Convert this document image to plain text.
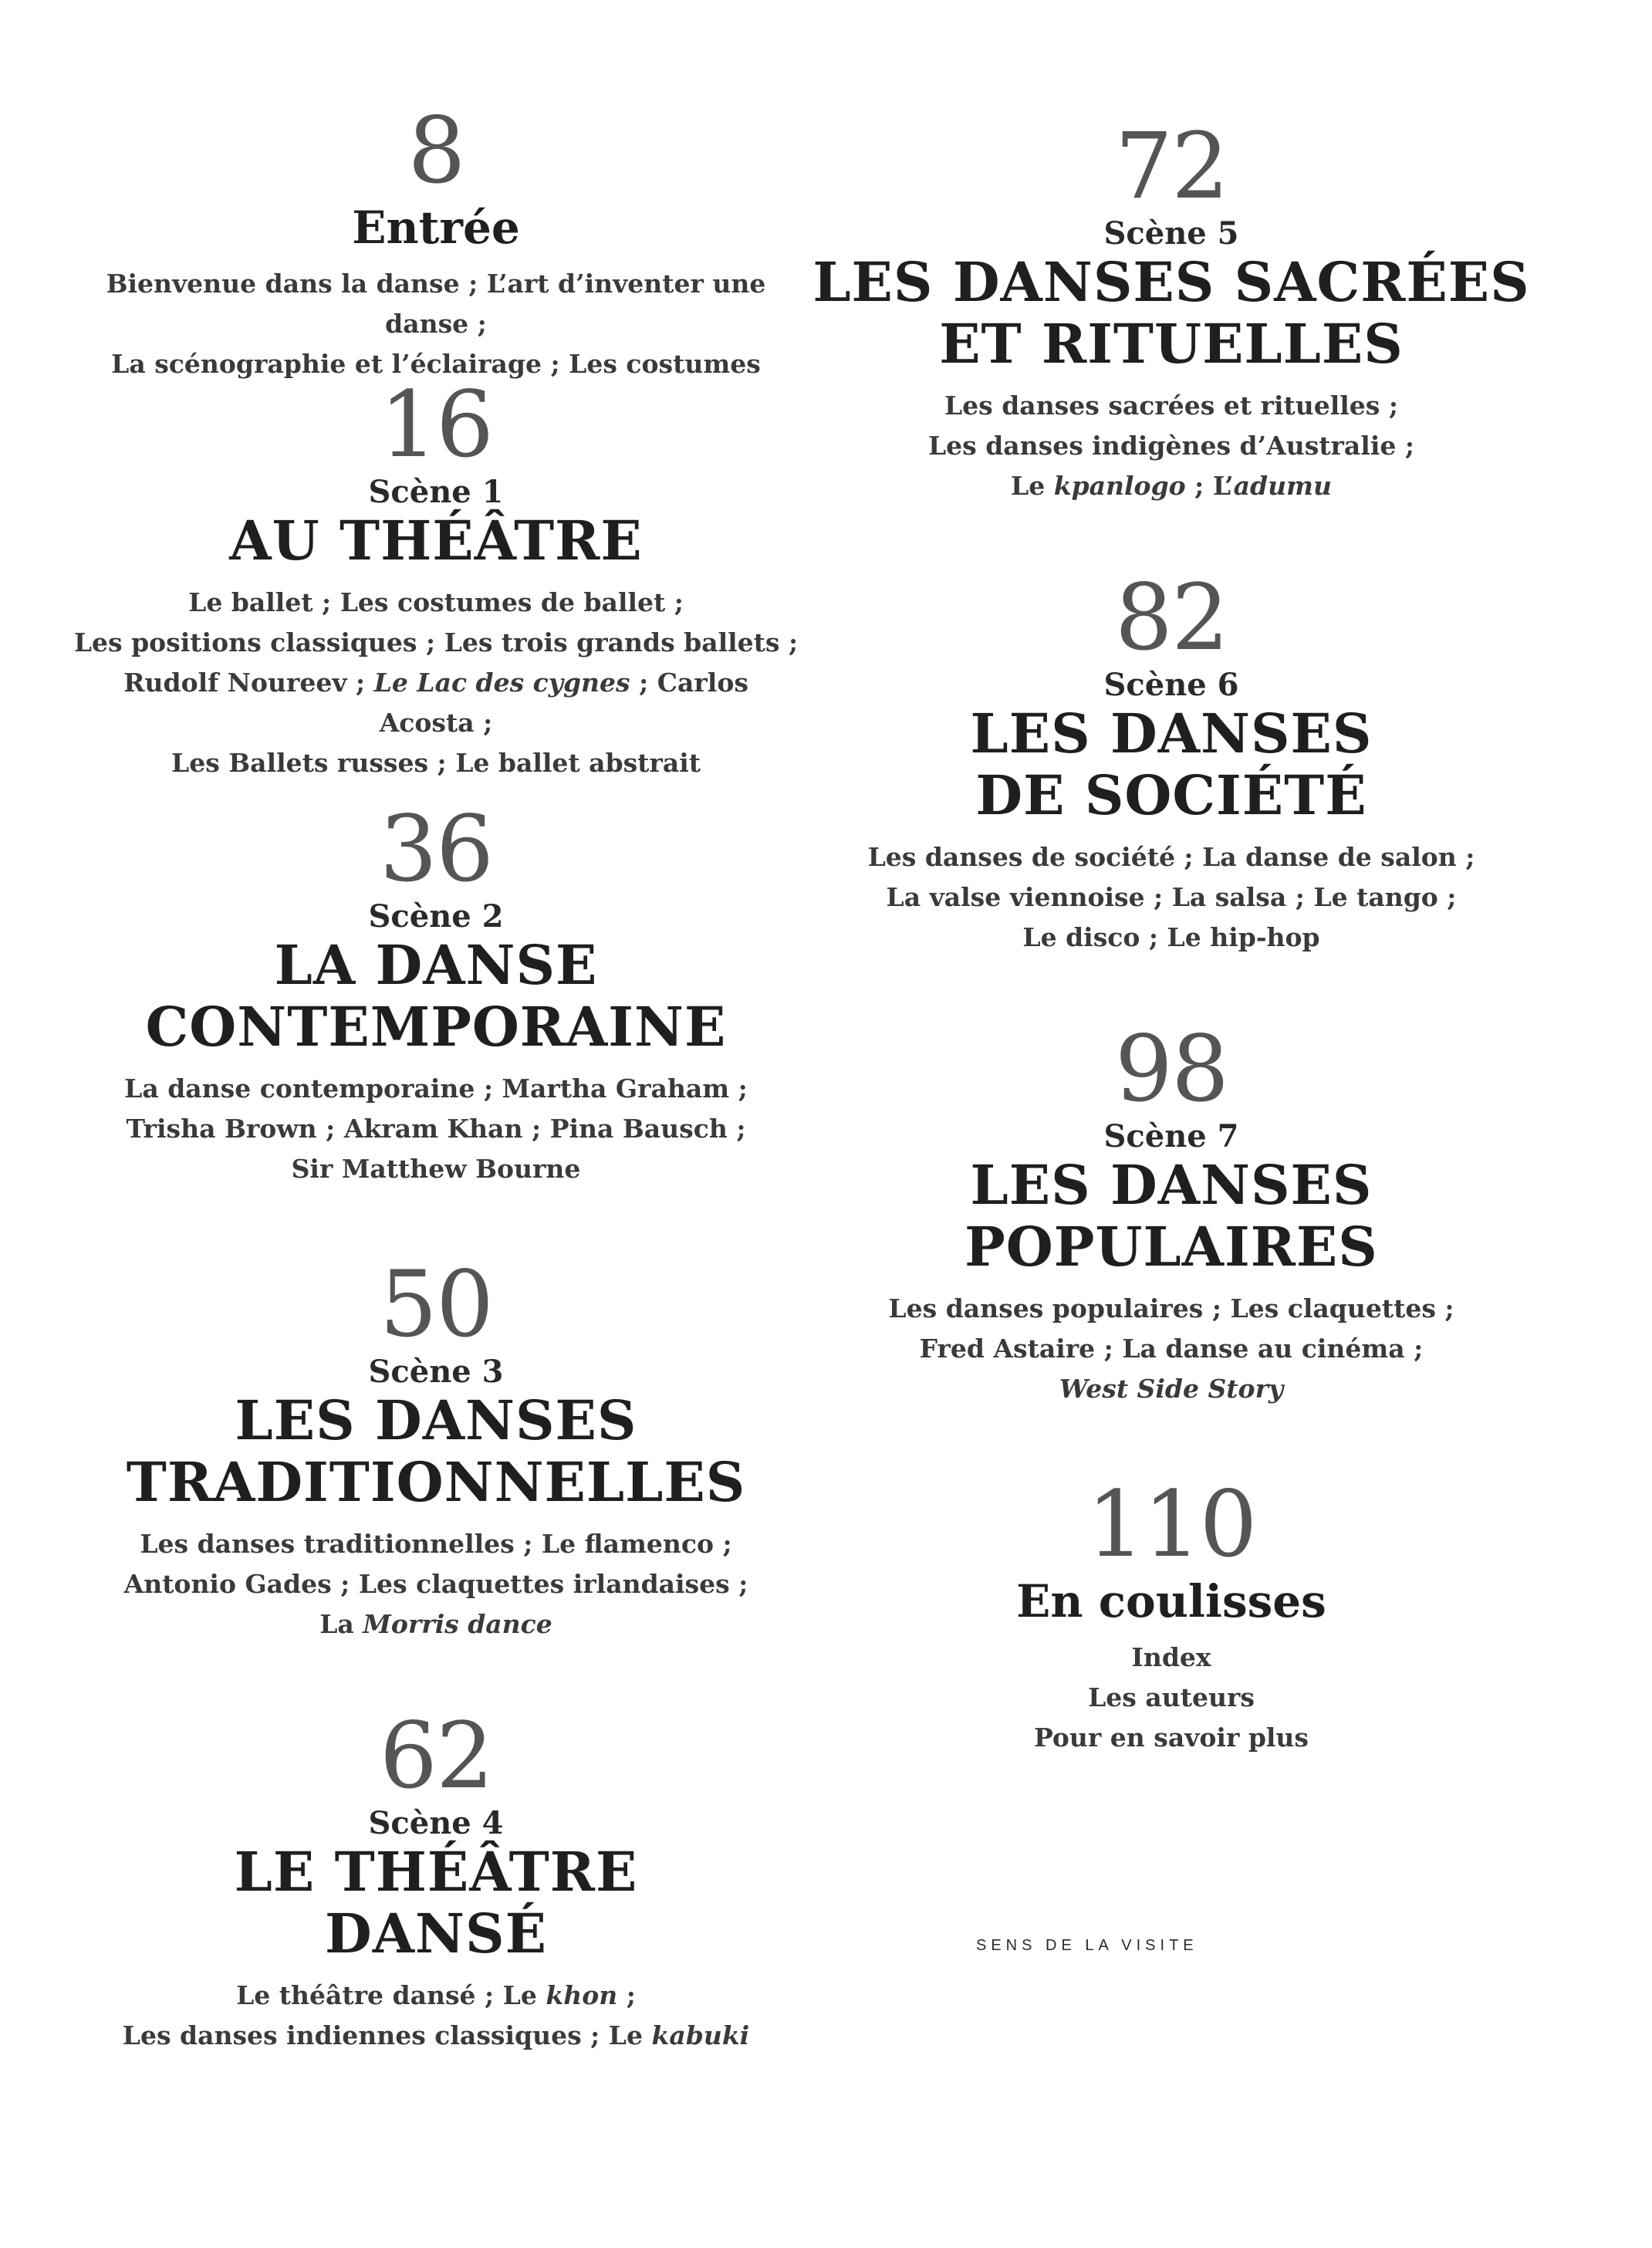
8
Entrée
Bienvenue dans la danse ; L’art d’inventer une danse ;
La scénographie et l’éclairage ; Les costumes
16
Scène 1
AU THÉÂTRE
Le ballet ; Les costumes de ballet ;
Les positions classiques ; Les trois grands ballets ;
Rudolf Noureev ; Le Lac des cygnes ; Carlos Acosta ;
Les Ballets russes ; Le ballet abstrait
36
Scène 2
LA DANSE
CONTEMPORAINE
La danse contemporaine ; Martha Graham ;
Trisha Brown ; Akram Khan ; Pina Bausch ;
Sir Matthew Bourne
50
Scène 3
LES DANSES
TRADITIONNELLES
Les danses traditionnelles ; Le flamenco ;
Antonio Gades ; Les claquettes irlandaises ;
La Morris dance
62
Scène 4
LE THÉÂTRE
DANSÉ
Le théâtre dansé ; Le khon ;
Les danses indiennes classiques ; Le kabuki
72
Scène 5
LES DANSES SACRÉES
ET RITUELLES
Les danses sacrées et rituelles ;
Les danses indigènes d’Australie ;
Le kpanlogo ; L’adumu
82
Scène 6
LES DANSES
DE SOCIÉTÉ
Les danses de société ; La danse de salon ;
La valse viennoise ; La salsa ; Le tango ;
Le disco ; Le hip-hop
98
Scène 7
LES DANSES
POPULAIRES
Les danses populaires ; Les claquettes ;
Fred Astaire ; La danse au cinéma ;
West Side Story
110
En coulisses
Index
Les auteurs
Pour en savoir plus
SENS DE LA VISITE
